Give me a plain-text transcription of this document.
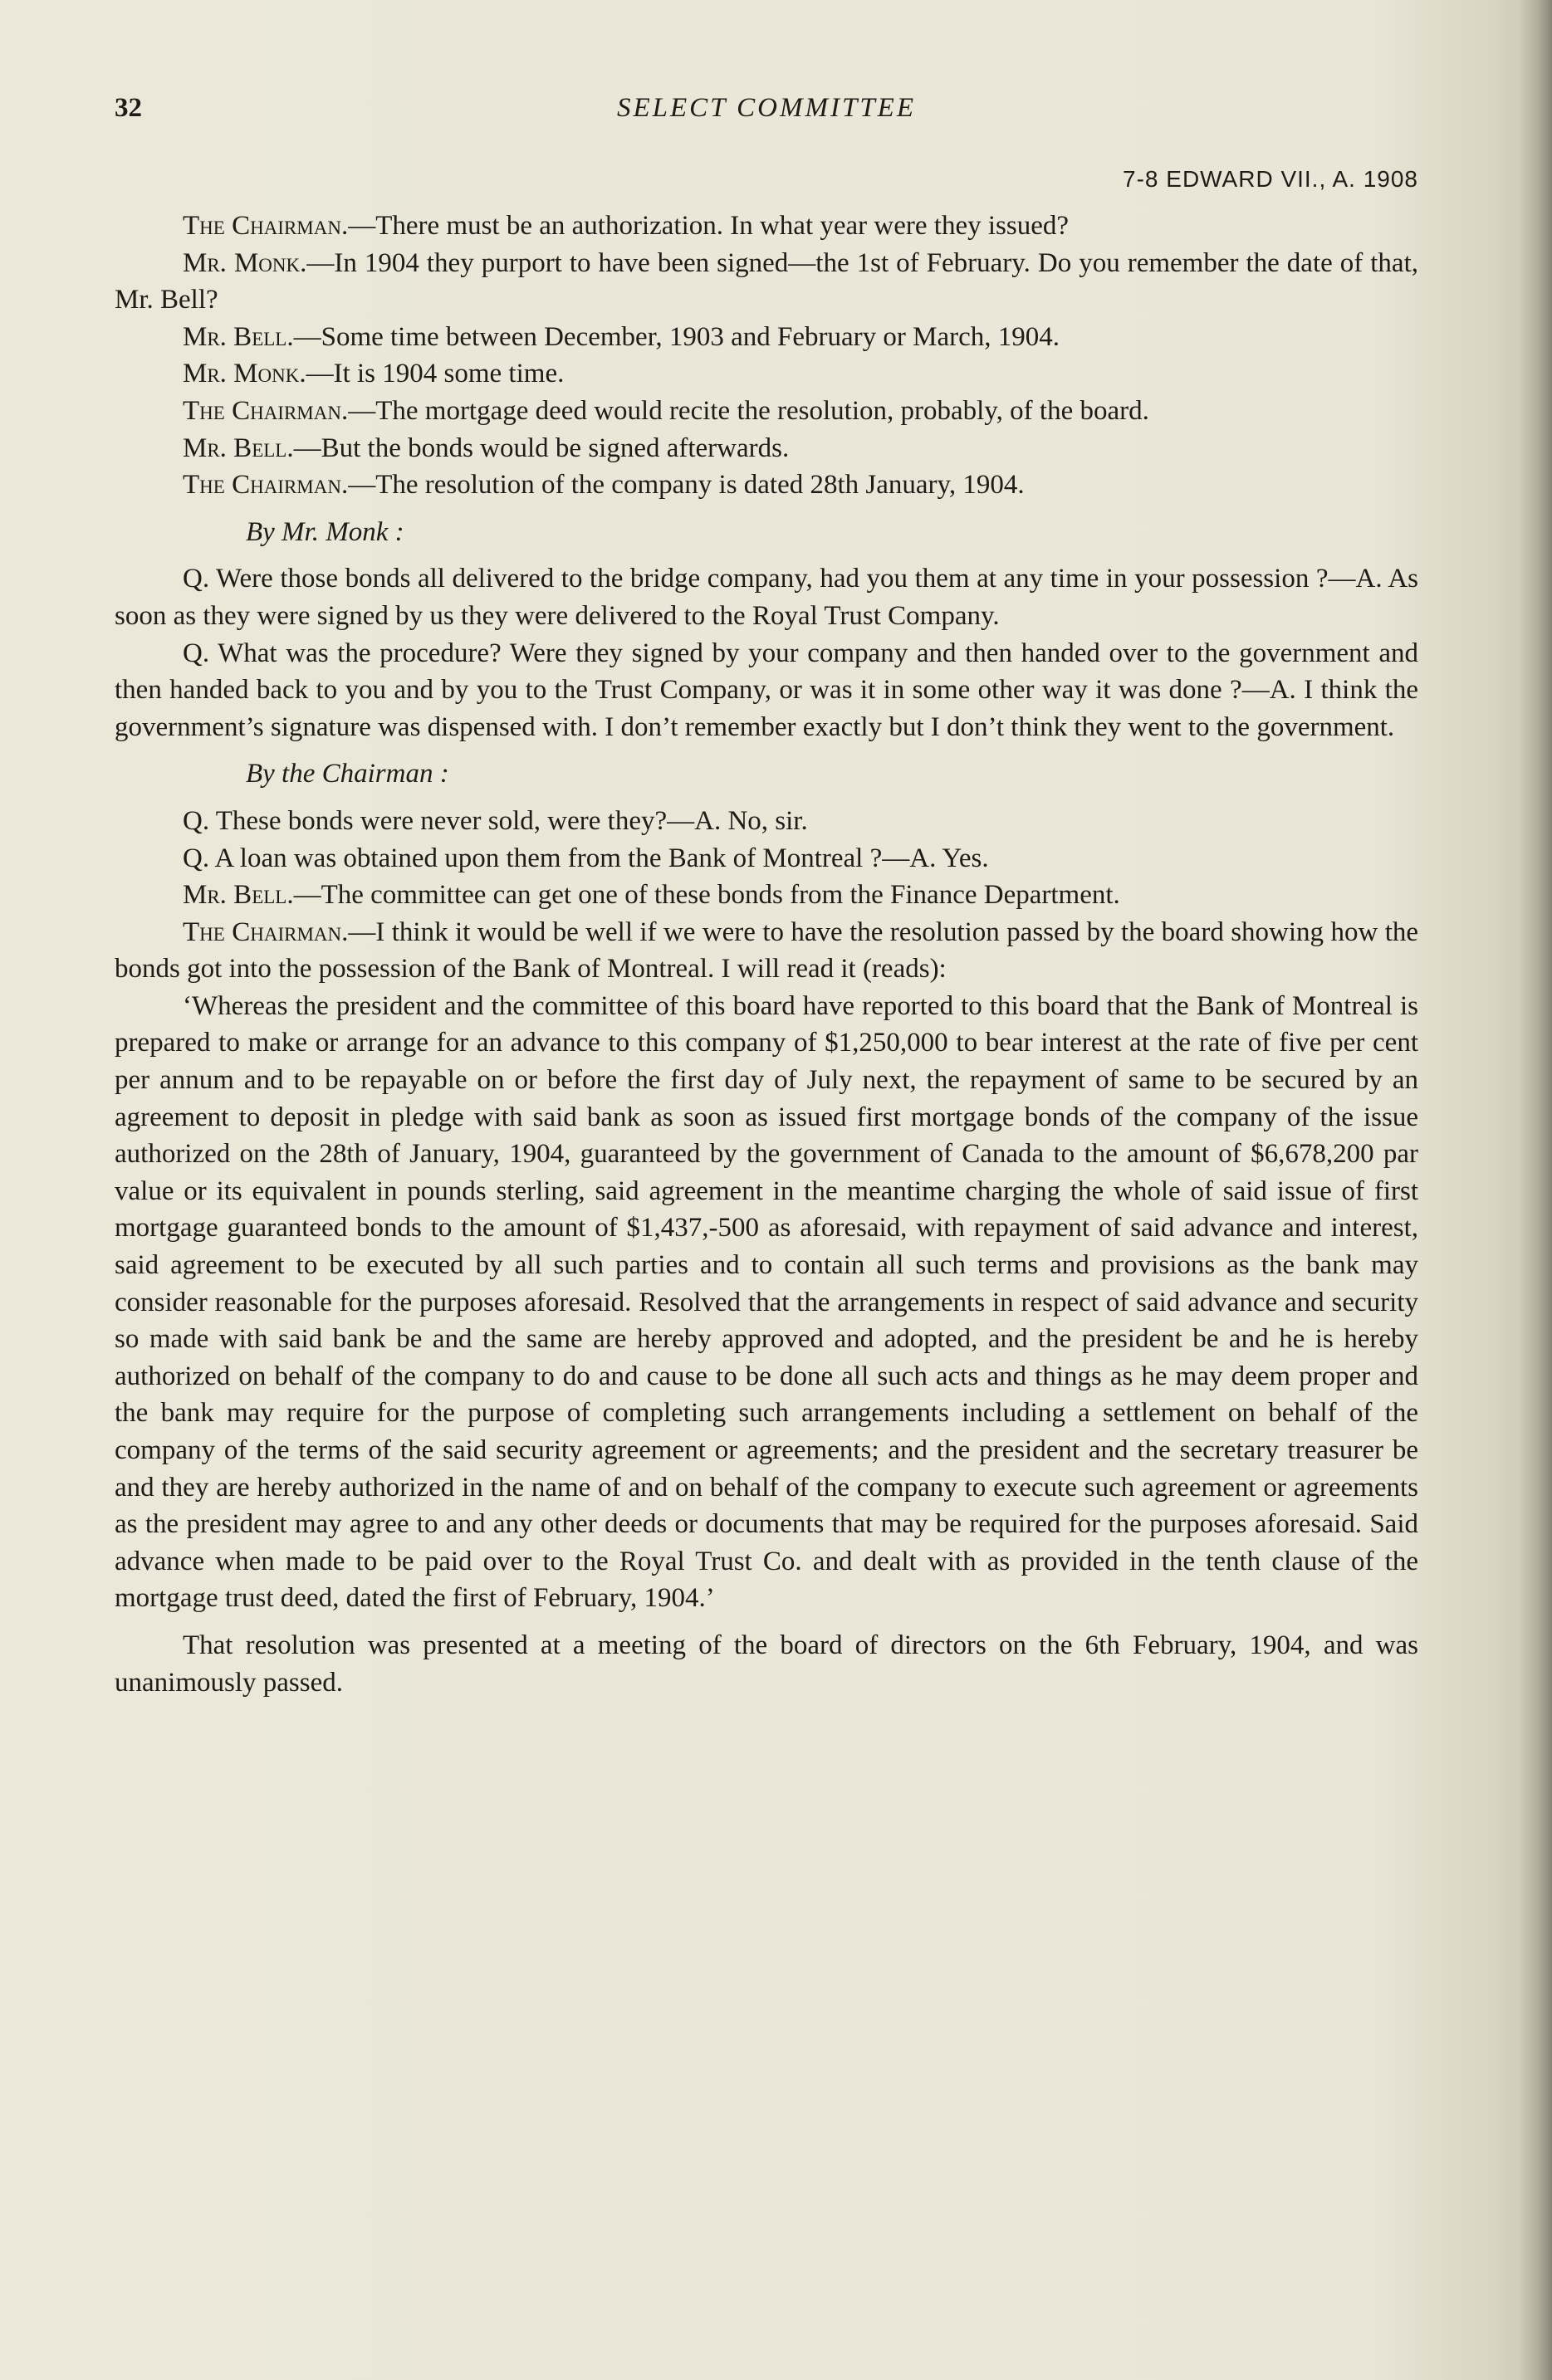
32	SELECT COMMITTEE
7-8 EDWARD VII., A. 1908

The Chairman.—There must be an authorization. In what year were they issued?

Mr. Monk.—In 1904 they purport to have been signed—the 1st of February. Do you remember the date of that, Mr. Bell?

Mr. Bell.—Some time between December, 1903 and February or March, 1904.

Mr. Monk.—It is 1904 some time.

The Chairman.—The mortgage deed would recite the resolution, probably, of the board.

Mr. Bell.—But the bonds would be signed afterwards.

The Chairman.—The resolution of the company is dated 28th January, 1904.

By Mr. Monk :

Q. Were those bonds all delivered to the bridge company, had you them at any time in your possession ?—A. As soon as they were signed by us they were delivered to the Royal Trust Company.

Q. What was the procedure? Were they signed by your company and then handed over to the government and then handed back to you and by you to the Trust Company, or was it in some other way it was done ?—A. I think the government’s signature was dispensed with. I don’t remember exactly but I don’t think they went to the government.

By the Chairman :

Q. These bonds were never sold, were they?—A. No, sir.

Q. A loan was obtained upon them from the Bank of Montreal ?—A. Yes.

Mr. Bell.—The committee can get one of these bonds from the Finance Department.

The Chairman.—I think it would be well if we were to have the resolution passed by the board showing how the bonds got into the possession of the Bank of Montreal. I will read it (reads):

‘Whereas the president and the committee of this board have reported to this board that the Bank of Montreal is prepared to make or arrange for an advance to this company of $1,250,000 to bear interest at the rate of five per cent per annum and to be repayable on or before the first day of July next, the repayment of same to be secured by an agreement to deposit in pledge with said bank as soon as issued first mortgage bonds of the company of the issue authorized on the 28th of January, 1904, guaranteed by the government of Canada to the amount of $6,678,200 par value or its equivalent in pounds sterling, said agreement in the meantime charging the whole of said issue of first mortgage guaranteed bonds to the amount of $1,437,-500 as aforesaid, with repayment of said advance and interest, said agreement to be executed by all such parties and to contain all such terms and provisions as the bank may consider reasonable for the purposes aforesaid. Resolved that the arrangements in respect of said advance and security so made with said bank be and the same are hereby approved and adopted, and the president be and he is hereby authorized on behalf of the company to do and cause to be done all such acts and things as he may deem proper and the bank may require for the purpose of completing such arrangements including a settlement on behalf of the company of the terms of the said security agreement or agreements; and the president and the secretary treasurer be and they are hereby authorized in the name of and on behalf of the company to execute such agreement or agreements as the president may agree to and any other deeds or documents that may be required for the purposes aforesaid. Said advance when made to be paid over to the Royal Trust Co. and dealt with as provided in the tenth clause of the mortgage trust deed, dated the first of February, 1904.’

That resolution was presented at a meeting of the board of directors on the 6th February, 1904, and was unanimously passed.
